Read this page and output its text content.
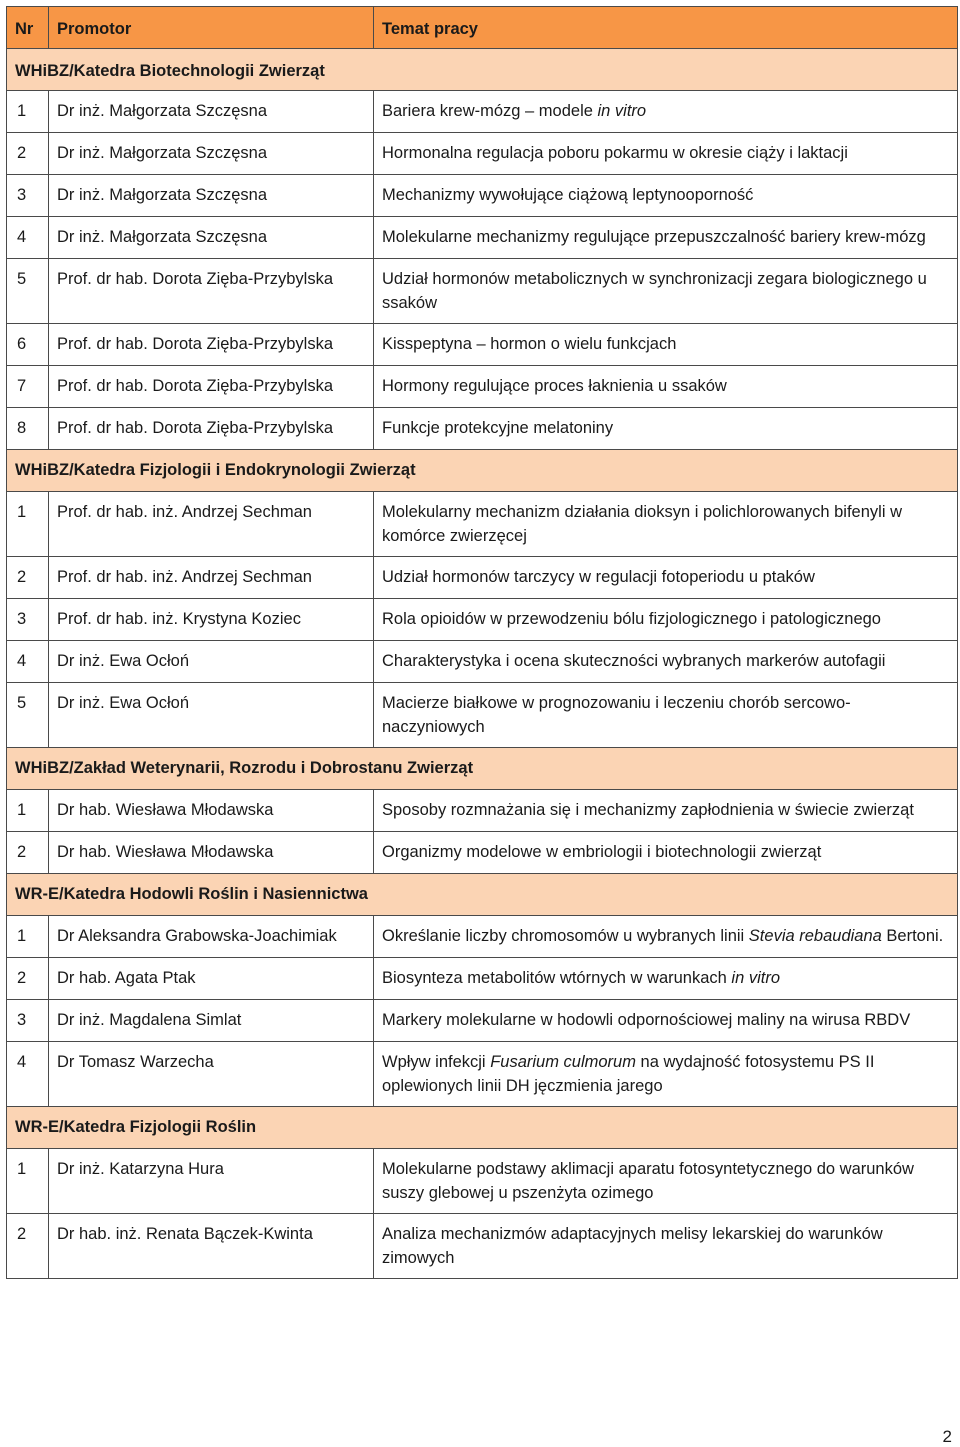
Nr	Promotor	Temat pracy
WHiBZ/Katedra Biotechnologii Zwierząt		
1	Dr inż. Małgorzata Szczęsna	Bariera krew-mózg – modele in vitro
2	Dr inż. Małgorzata Szczęsna	Hormonalna regulacja poboru pokarmu w okresie ciąży i laktacji
3	Dr inż. Małgorzata Szczęsna	Mechanizmy wywołujące ciążową leptynooporność
4	Dr inż. Małgorzata Szczęsna	Molekularne mechanizmy regulujące przepuszczalność bariery krew-mózg
5	Prof. dr hab. Dorota Zięba-Przybylska	Udział hormonów metabolicznych w synchronizacji zegara biologicznego u ssaków
6	Prof. dr hab. Dorota Zięba-Przybylska	Kisspeptyna – hormon o wielu funkcjach
7	Prof. dr hab. Dorota Zięba-Przybylska	Hormony regulujące proces łaknienia u ssaków
8	Prof. dr hab. Dorota Zięba-Przybylska	Funkcje protekcyjne melatoniny
WHiBZ/Katedra Fizjologii i Endokrynologii Zwierząt		
1	Prof. dr hab. inż. Andrzej Sechman	Molekularny mechanizm działania dioksyn i polichlorowanych bifenyli w komórce zwierzęcej
2	Prof. dr hab. inż. Andrzej Sechman	Udział hormonów tarczycy w regulacji fotoperiodu u ptaków
3	Prof. dr hab. inż. Krystyna Koziec	Rola opioidów w przewodzeniu bólu fizjologicznego i patologicznego
4	Dr inż. Ewa Ocłoń	Charakterystyka i ocena skuteczności wybranych markerów autofagii
5	Dr inż. Ewa Ocłoń	Macierze białkowe w prognozowaniu i leczeniu chorób sercowo-naczyniowych
WHiBZ/Zakład Weterynarii, Rozrodu i Dobrostanu Zwierząt		
1	Dr hab. Wiesława Młodawska	Sposoby rozmnażania się i mechanizmy zapłodnienia w świecie zwierząt
2	Dr hab. Wiesława Młodawska	Organizmy modelowe w embriologii i biotechnologii zwierząt
WR-E/Katedra Hodowli Roślin i Nasiennictwa		
1	Dr Aleksandra Grabowska-Joachimiak	Określanie liczby chromosomów u wybranych linii Stevia rebaudiana Bertoni.
2	Dr hab. Agata Ptak	Biosynteza metabolitów wtórnych w warunkach in vitro
3	Dr inż. Magdalena Simlat	Markery molekularne w hodowli odpornościowej maliny na wirusa RBDV
4	Dr Tomasz Warzecha	Wpływ infekcji Fusarium culmorum na wydajność fotosystemu PS II oplewionych linii DH jęczmienia jarego
WR-E/Katedra Fizjologii Roślin		
1	Dr inż. Katarzyna Hura	Molekularne podstawy aklimacji aparatu fotosyntetycznego do warunków suszy glebowej u pszenżyta ozimego
2	Dr hab. inż. Renata Bączek-Kwinta	Analiza mechanizmów adaptacyjnych melisy lekarskiej do warunków zimowych
2
